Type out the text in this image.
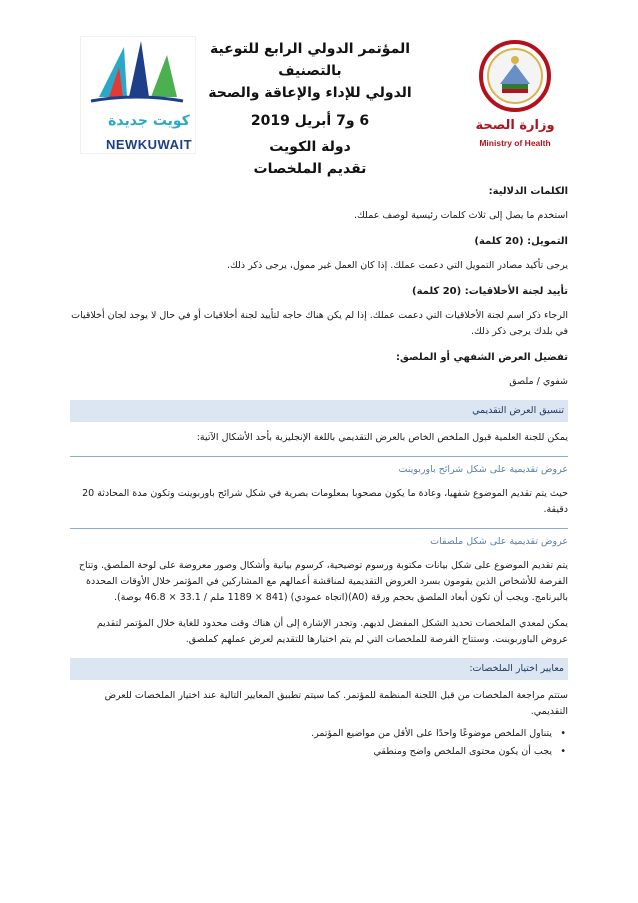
وزارة الصحة
Ministry of Health
المؤتمر الدولي الرابع للتوعية بالتصنيف
الدولي للإداء والإعاقة والصحة
6 و7 أبريل 2019
دولة الكويت
تقديم الملخصات
كويت جديدة
NEWKUWAIT
الكلمات الدلالية:
استخدم ما يصل إلى ثلاث كلمات رئيسية لوصف عملك.
التمويل: (20 كلمة)
يرجى تأكيد مصادر التمويل التي دعمت عملك. إذا كان العمل غير ممول، يرجى ذكر ذلك.
تأييد لجنة الأخلاقيات: (20 كلمة)
الرجاء ذكر اسم لجنة الأخلاقيات التي دعمت عملك. إذا لم يكن هناك حاجه لتأييد لجنة أخلاقيات أو في حال لا يوجد لجان أخلاقيات في بلدك يرجى ذكر ذلك.
تفضيل العرض الشفهي أو الملصق:
شفوي / ملصق
تنسيق العرض التقديمي
يمكن للجنة العلمية قبول الملخص الخاص بالعرض التقديمي باللغة الإنجليزية بأحد الأشكال الآتية:
عروض تقديمية على شكل شرائح باوربوينت
حيث يتم تقديم الموضوع شفهيا، وعادة ما يكون مصحوبا بمعلومات بصرية في شكل شرائح باوربوينت وتكون مدة المحادثة 20 دقيقة.
عروض تقديمية على شكل ملصقات
يتم تقديم الموضوع على شكل بيانات مكتوبة ورسوم توضيحية، كرسوم بيانية وأشكال وصور معروضة على لوحة الملصق. وتتاح الفرصة للأشخاص الذين يقومون بسرد العروض التقديمية لمناقشة أعمالهم مع المشاركين في المؤتمر خلال الأوقات المحددة بالبرنامج. ويجب أن تكون أبعاد الملصق بحجم ورقة (A0)(اتجاه عمودي) (841 × 1189 ملم / 33.1 × 46.8 بوصة).
يمكن لمعدي الملخصات تحديد الشكل المفضل لديهم. وتجدر الإشارة إلى أن هناك وقت محدود للغاية خلال المؤتمر لتقديم عروض الباوربوينت. وستتاح الفرصة للملخصات التي لم يتم اختيارها للتقديم لعرض عملهم كملصق.
معايير اختيار الملخصات:
ستتم مراجعة الملخصات من قبل اللجنة المنظمة للمؤتمر. كما سيتم تطبيق المعايير التالية عند اختيار الملخصات للعرض التقديمي.
•
يتناول الملخص موضوعًا واحدًا على الأقل من مواضيع المؤتمر.
•
يجب أن يكون محتوى الملخص واضح ومنطقي
